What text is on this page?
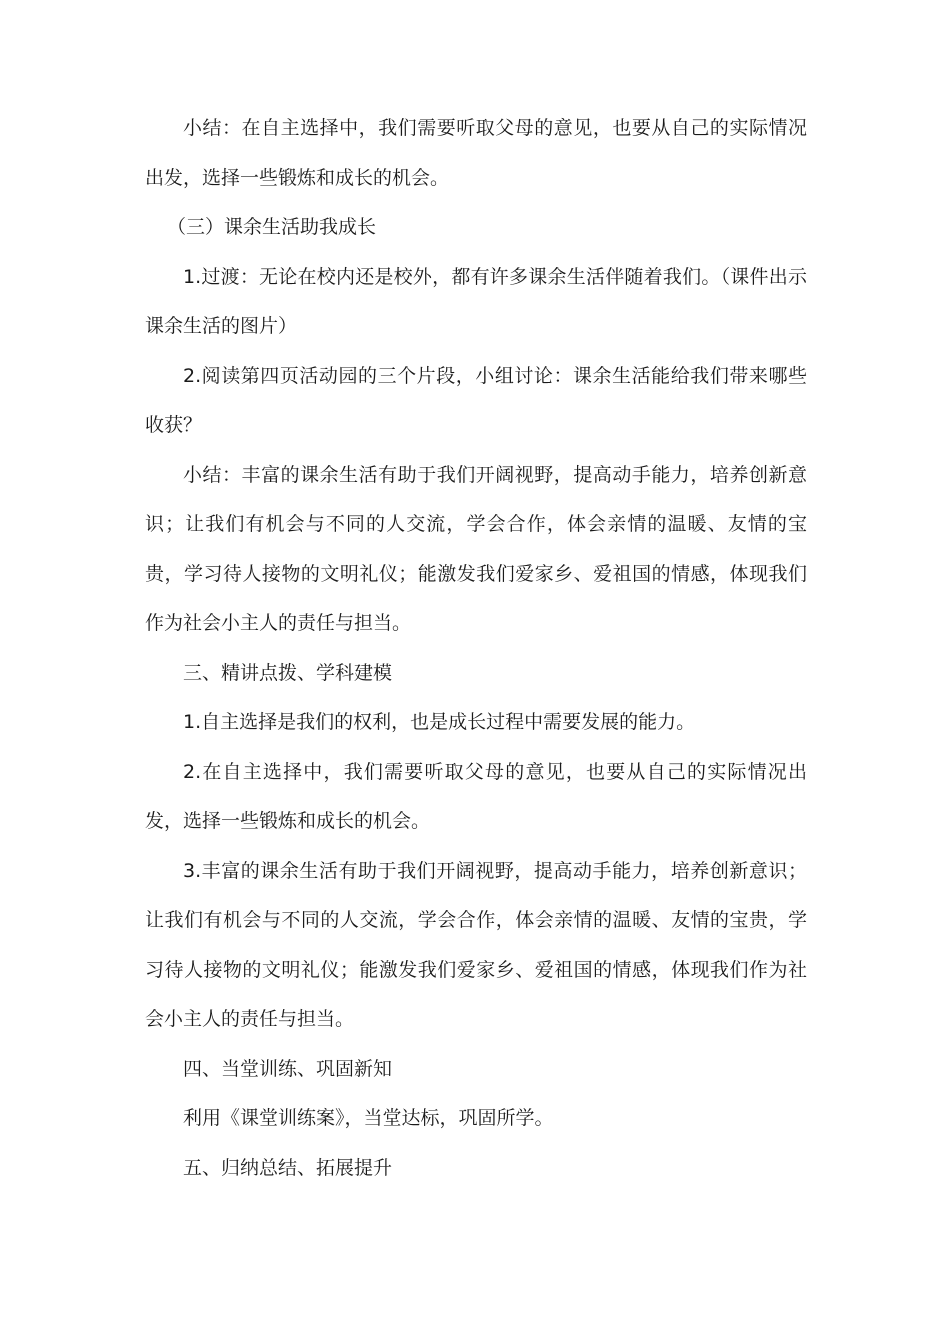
小结：在自主选择中，我们需要听取父母的意见，也要从自己的实际情况出发，选择一些锻炼和成长的机会。

（三）课余生活助我成长

1.过渡：无论在校内还是校外，都有许多课余生活伴随着我们。（课件出示课余生活的图片）

2.阅读第四页活动园的三个片段，小组讨论：课余生活能给我们带来哪些收获？

小结：丰富的课余生活有助于我们开阔视野，提高动手能力，培养创新意识；让我们有机会与不同的人交流，学会合作，体会亲情的温暖、友情的宝贵，学习待人接物的文明礼仪；能激发我们爱家乡、爱祖国的情感，体现我们作为社会小主人的责任与担当。

三、精讲点拨、学科建模

1.自主选择是我们的权利，也是成长过程中需要发展的能力。

2.在自主选择中，我们需要听取父母的意见，也要从自己的实际情况出发，选择一些锻炼和成长的机会。

3.丰富的课余生活有助于我们开阔视野，提高动手能力，培养创新意识；让我们有机会与不同的人交流，学会合作，体会亲情的温暖、友情的宝贵，学习待人接物的文明礼仪；能激发我们爱家乡、爱祖国的情感，体现我们作为社会小主人的责任与担当。

四、当堂训练、巩固新知

利用《课堂训练案》，当堂达标，巩固所学。

五、归纳总结、拓展提升
